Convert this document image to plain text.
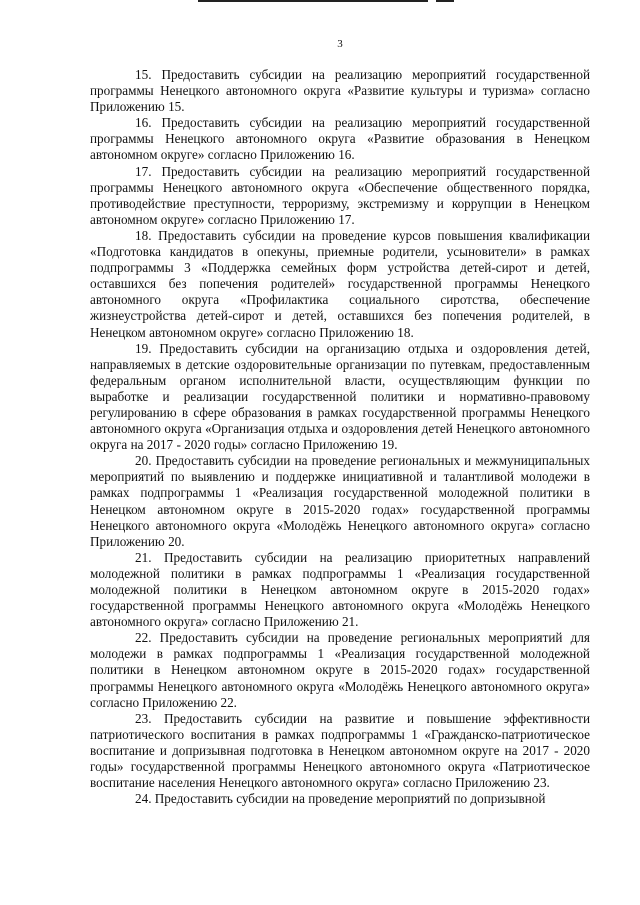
3

15. Предоставить субсидии на реализацию мероприятий государственной программы Ненецкого автономного округа «Развитие культуры и туризма» согласно Приложению 15.

16. Предоставить субсидии на реализацию мероприятий государственной программы Ненецкого автономного округа «Развитие образования в Ненецком автономном округе» согласно Приложению 16.

17. Предоставить субсидии на реализацию мероприятий государственной программы Ненецкого автономного округа «Обеспечение общественного порядка, противодействие преступности, терроризму, экстремизму и коррупции в Ненецком автономном округе» согласно Приложению 17.

18. Предоставить субсидии на проведение курсов повышения квалификации «Подготовка кандидатов в опекуны, приемные родители, усыновители» в рамках подпрограммы 3 «Поддержка семейных форм устройства детей-сирот и детей, оставшихся без попечения родителей» государственной программы Ненецкого автономного округа «Профилактика социального сиротства, обеспечение жизнеустройства детей-сирот и детей, оставшихся без попечения родителей, в Ненецком автономном округе» согласно Приложению 18.

19. Предоставить субсидии на организацию отдыха и оздоровления детей, направляемых в детские оздоровительные организации по путевкам, предоставленным федеральным органом исполнительной власти, осуществляющим функции по выработке и реализации государственной политики и нормативно-правовому регулированию в сфере образования в рамках государственной программы Ненецкого автономного округа «Организация отдыха и оздоровления детей Ненецкого автономного округа на 2017 - 2020 годы» согласно Приложению 19.

20. Предоставить субсидии на проведение региональных и межмуниципальных мероприятий по выявлению и поддержке инициативной и талантливой молодежи в рамках подпрограммы 1 «Реализация государственной молодежной политики в Ненецком автономном округе в 2015-2020 годах» государственной программы Ненецкого автономного округа «Молодёжь Ненецкого автономного округа» согласно Приложению 20.

21. Предоставить субсидии на реализацию приоритетных направлений молодежной политики в рамках подпрограммы 1 «Реализация государственной молодежной политики в Ненецком автономном округе в 2015-2020 годах» государственной программы Ненецкого автономного округа «Молодёжь Ненецкого автономного округа» согласно Приложению 21.

22. Предоставить субсидии на проведение региональных мероприятий для молодежи в рамках подпрограммы 1 «Реализация государственной молодежной политики в Ненецком автономном округе в 2015-2020 годах» государственной программы Ненецкого автономного округа «Молодёжь Ненецкого автономного округа» согласно Приложению 22.

23. Предоставить субсидии на развитие и повышение эффективности патриотического воспитания в рамках подпрограммы 1 «Гражданско-патриотическое воспитание и допризывная подготовка в Ненецком автономном округе на 2017 - 2020 годы» государственной программы Ненецкого автономного округа «Патриотическое воспитание населения Ненецкого автономного округа» согласно Приложению 23.

24. Предоставить субсидии на проведение мероприятий по допризывной
